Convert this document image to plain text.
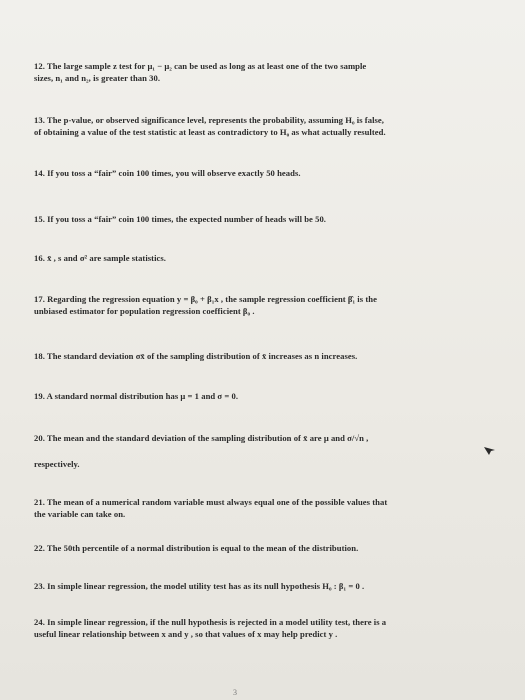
12. The large sample z test for μ₁ − μ₂ can be used as long as at least one of the two sample
sizes, n₁ and n₂, is greater than 30.
13. The p-value, or observed significance level, represents the probability, assuming H₀ is false,
of obtaining a value of the test statistic at least as contradictory to H₀ as what actually resulted.
14. If you toss a “fair” coin 100 times, you will observe exactly 50 heads.
15. If you toss a “fair” coin 100 times, the expected number of heads will be 50.
16. x̄ , s and σ² are sample statistics.
17. Regarding the regression equation y = β₀ + β₁x , the sample regression coefficient β̂₁ is the
unbiased estimator for population regression coefficient β₀ .
18. The standard deviation σx̄ of the sampling distribution of x̄ increases as n increases.
19. A standard normal distribution has μ = 1 and σ = 0.
20. The mean and the standard deviation of the sampling distribution of x̄ are μ and σ/√n ,
respectively.
21. The mean of a numerical random variable must always equal one of the possible values that
the variable can take on.
22. The 50th percentile of a normal distribution is equal to the mean of the distribution.
23. In simple linear regression, the model utility test has as its null hypothesis H₀ : β₁ = 0 .
24. In simple linear regression, if the null hypothesis is rejected in a model utility test, there is a
useful linear relationship between x and y , so that values of x may help predict y .
3
